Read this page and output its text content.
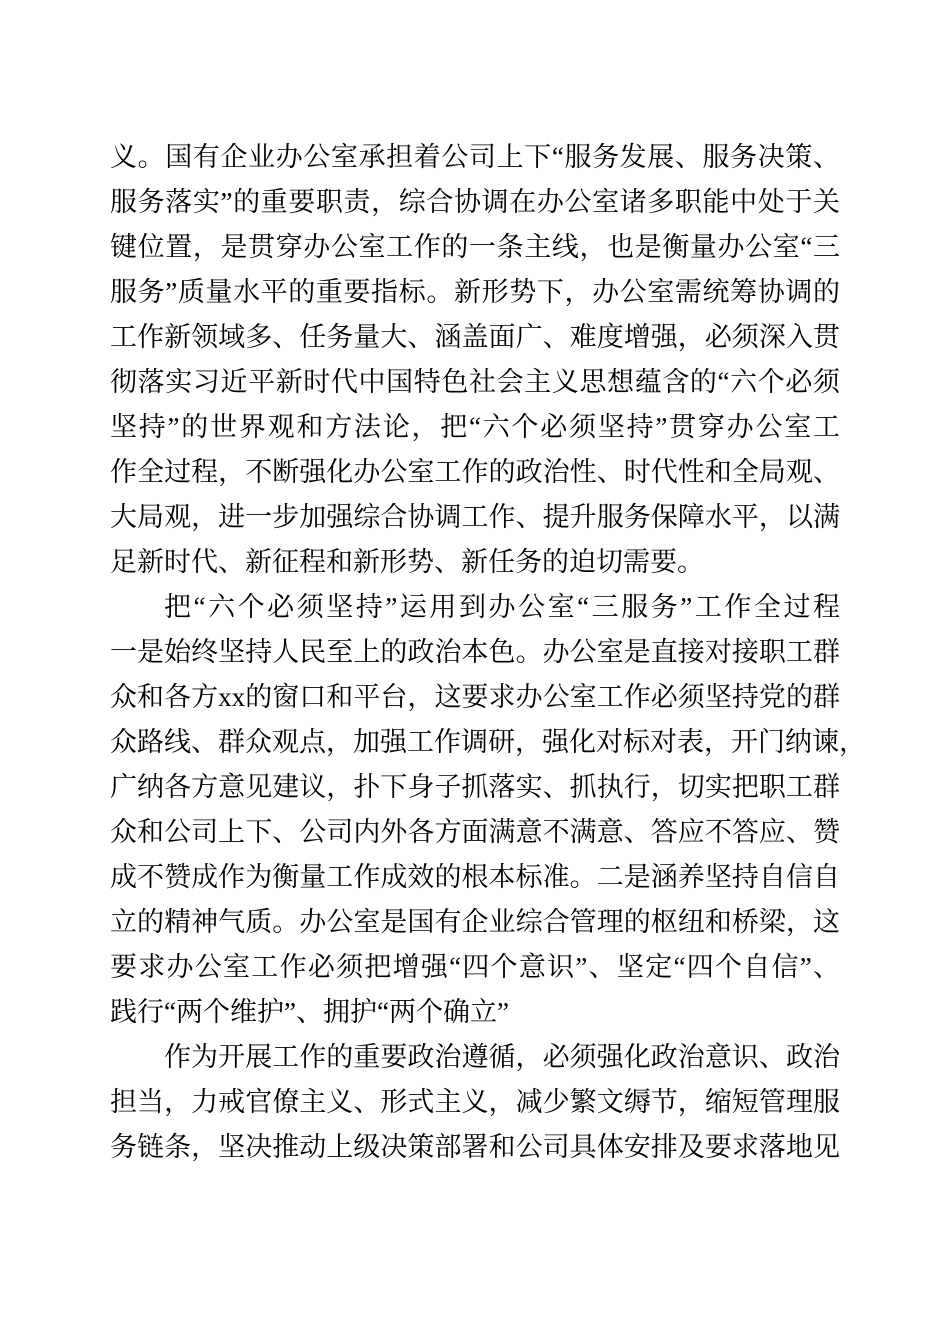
义。国有企业办公室承担着公司上下“服务发展、服务决策、
服务落实”的重要职责，综合协调在办公室诸多职能中处于关
键位置，是贯穿办公室工作的一条主线，也是衡量办公室“三
服务”质量水平的重要指标。新形势下，办公室需统筹协调的
工作新领域多、任务量大、涵盖面广、难度增强，必须深入贯
彻落实习近平新时代中国特色社会主义思想蕴含的“六个必须
坚持”的世界观和方法论，把“六个必须坚持”贯穿办公室工
作全过程，不断强化办公室工作的政治性、时代性和全局观、
大局观，进一步加强综合协调工作、提升服务保障水平，以满
足新时代、新征程和新形势、新任务的迫切需要。
把“六个必须坚持”运用到办公室“三服务”工作全过程
一是始终坚持人民至上的政治本色。办公室是直接对接职工群
众和各方xx的窗口和平台，这要求办公室工作必须坚持党的群
众路线、群众观点，加强工作调研，强化对标对表，开门纳谏，
广纳各方意见建议，扑下身子抓落实、抓执行，切实把职工群
众和公司上下、公司内外各方面满意不满意、答应不答应、赞
成不赞成作为衡量工作成效的根本标准。二是涵养坚持自信自
立的精神气质。办公室是国有企业综合管理的枢纽和桥梁，这
要求办公室工作必须把增强“四个意识”、坚定“四个自信”、
践行“两个维护”、拥护“两个确立”
作为开展工作的重要政治遵循，必须强化政治意识、政治
担当，力戒官僚主义、形式主义，减少繁文缛节，缩短管理服
务链条，坚决推动上级决策部署和公司具体安排及要求落地见
